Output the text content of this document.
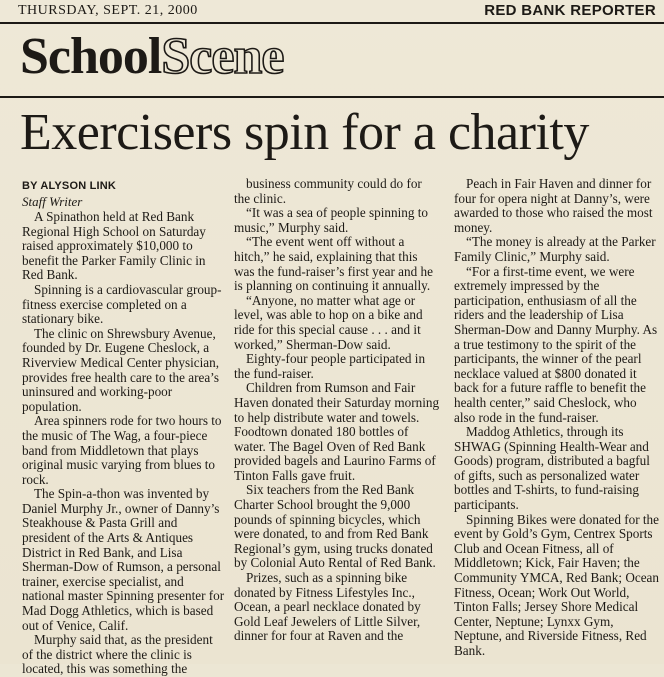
THURSDAY, SEPT. 21, 2000	RED BANK REPORTER
SchoolScene
Exercisers spin for a charity
BY ALYSON LINK
Staff Writer

A Spinathon held at Red Bank Regional High School on Saturday raised approximately $10,000 to benefit the Parker Family Clinic in Red Bank.

Spinning is a cardiovascular group-fitness exercise completed on a stationary bike.

The clinic on Shrewsbury Avenue, founded by Dr. Eugene Cheslock, a Riverview Medical Center physician, provides free health care to the area’s uninsured and working-poor population.

Area spinners rode for two hours to the music of The Wag, a four-piece band from Middletown that plays original music varying from blues to rock.

The Spin-a-thon was invented by Daniel Murphy Jr., owner of Danny’s Steakhouse & Pasta Grill and president of the Arts & Antiques District in Red Bank, and Lisa Sherman-Dow of Rumson, a personal trainer, exercise specialist, and national master Spinning presenter for Mad Dogg Athletics, which is based out of Venice, Calif.

Murphy said that, as the president of the district where the clinic is located, this was something the

business community could do for the clinic.

“It was a sea of people spinning to music,” Murphy said.

“The event went off without a hitch,” he said, explaining that this was the fund-raiser’s first year and he is planning on continuing it annually.

“Anyone, no matter what age or level, was able to hop on a bike and ride for this special cause . . . and it worked,” Sherman-Dow said.

Eighty-four people participated in the fund-raiser.

Children from Rumson and Fair Haven donated their Saturday morning to help distribute water and towels. Foodtown donated 180 bottles of water. The Bagel Oven of Red Bank provided bagels and Laurino Farms of Tinton Falls gave fruit.

Six teachers from the Red Bank Charter School brought the 9,000 pounds of spinning bicycles, which were donated, to and from Red Bank Regional’s gym, using trucks donated by Colonial Auto Rental of Red Bank.

Prizes, such as a spinning bike donated by Fitness Lifestyles Inc., Ocean, a pearl necklace donated by Gold Leaf Jewelers of Little Silver, dinner for four at Raven and the

Peach in Fair Haven and dinner for four for opera night at Danny’s, were awarded to those who raised the most money.

“The money is already at the Parker Family Clinic,” Murphy said.

“For a first-time event, we were extremely impressed by the participation, enthusiasm of all the riders and the leadership of Lisa Sherman-Dow and Danny Murphy. As a true testimony to the spirit of the participants, the winner of the pearl necklace valued at $800 donated it back for a future raffle to benefit the health center,” said Cheslock, who also rode in the fund-raiser.

Maddog Athletics, through its SHWAG (Spinning Health-Wear and Goods) program, distributed a bagful of gifts, such as personalized water bottles and T-shirts, to fund-raising participants.

Spinning Bikes were donated for the event by Gold’s Gym, Centrex Sports Club and Ocean Fitness, all of Middletown; Kick, Fair Haven; the Community YMCA, Red Bank; Ocean Fitness, Ocean; Work Out World, Tinton Falls; Jersey Shore Medical Center, Neptune; Lynxx Gym, Neptune, and Riverside Fitness, Red Bank.
